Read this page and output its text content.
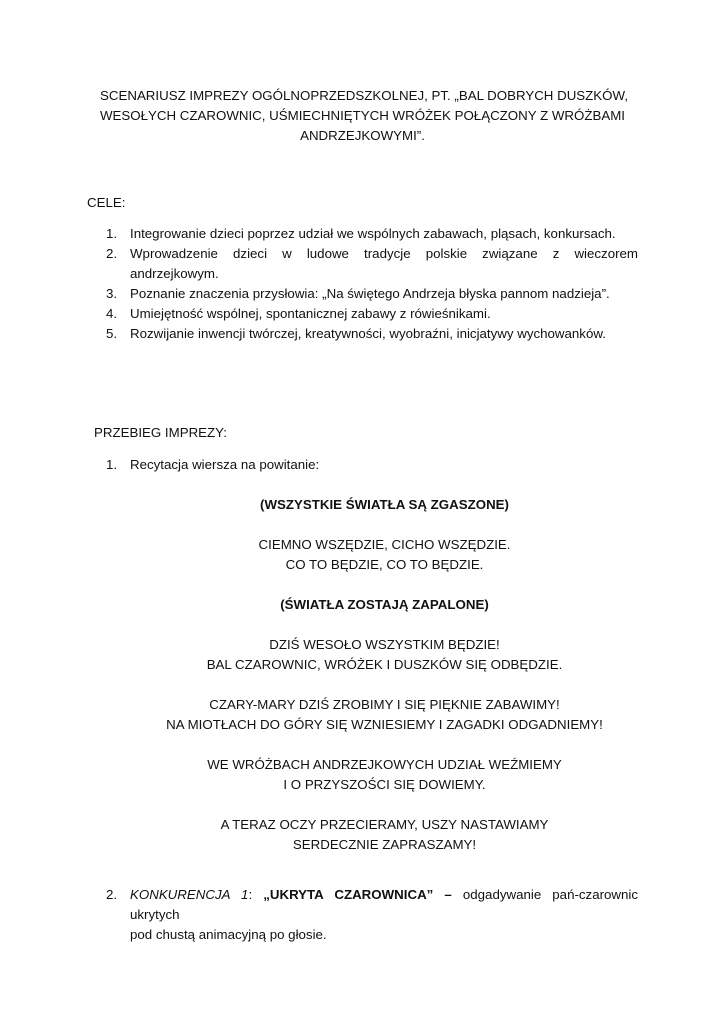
SCENARIUSZ IMPREZY OGÓLNOPRZEDSZKOLNEJ, PT. „BAL DOBRYCH DUSZKÓW,
WESOŁYCH CZAROWNIC, UŚMIECHNIĘTYCH WRÓŻEK POŁĄCZONY Z WRÓŻBAMI
ANDRZEJKOWYMI”.
CELE:
1. Integrowanie dzieci poprzez udział we wspólnych zabawach, pląsach, konkursach.
2. Wprowadzenie dzieci w ludowe tradycje polskie związane z wieczorem
andrzejkowym.
3. Poznanie znaczenia przysłowia: „Na świętego Andrzeja błyska pannom nadzieja”.
4. Umiejętność wspólnej, spontanicznej zabawy z rówieśnikami.
5. Rozwijanie inwencji twórczej, kreatywności, wyobraźni, inicjatywy wychowanków.
PRZEBIEG IMPREZY:
1. Recytacja wiersza na powitanie:
(WSZYSTKIE ŚWIATŁA SĄ ZGASZONE)
CIEMNO WSZĘDZIE, CICHO WSZĘDZIE.
CO TO BĘDZIE, CO TO BĘDZIE.
(ŚWIATŁA ZOSTAJĄ ZAPALONE)
DZIŚ WESOŁO WSZYSTKIM BĘDZIE!
BAL CZAROWNIC, WRÓŻEK I DUSZKÓW SIĘ ODBĘDZIE.
CZARY-MARY DZIŚ ZROBIMY I SIĘ PIĘKNIE ZABAWIMY!
NA MIOTŁACH DO GÓRY SIĘ WZNIESIEMY I ZAGADKI ODGADNIEMY!
WE WRÓŻBACH ANDRZEJKOWYCH UDZIAŁ WEŹMIEMY
I O PRZYSZOŚCI SIĘ DOWIEMY.
A TERAZ OCZY PRZECIERAMY, USZY NASTAWIAMY
SERDECZNIE ZAPRASZAMY!
2. KONKURENCJA 1: „UKRYTA CZAROWNICA” – odgadywanie pań-czarownic ukrytych
pod chustą animacyjną po głosie.
